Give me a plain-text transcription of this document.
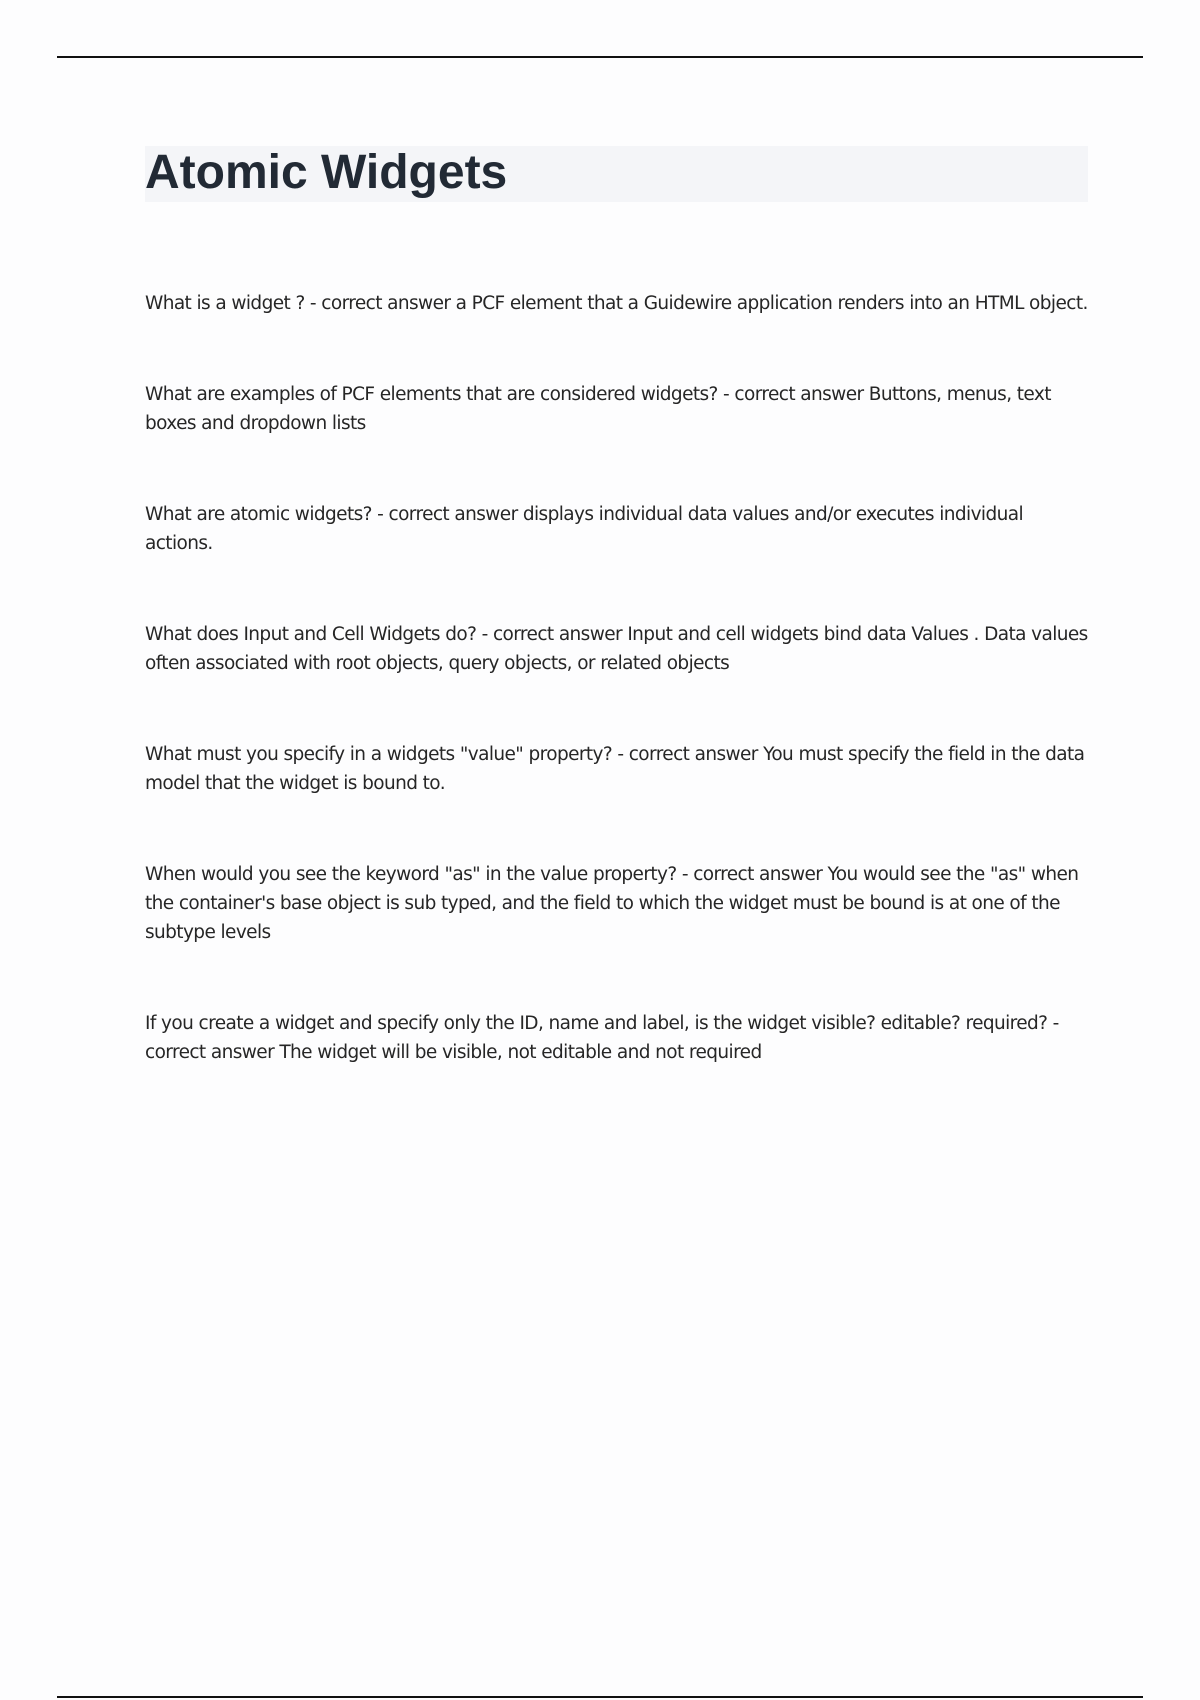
Atomic Widgets
What is a widget ? - correct answer a PCF element that a Guidewire application renders into an HTML object.
What are examples of PCF elements that are considered widgets? - correct answer Buttons, menus, text boxes and dropdown lists
What are atomic widgets? - correct answer displays individual data values and/or executes individual actions.
What does Input and Cell Widgets do? - correct answer Input and cell widgets bind data Values . Data values often associated with root objects, query objects, or related objects
What must you specify in a widgets "value" property? - correct answer You must specify the field in the data model that the widget is bound to.
When would you see the keyword "as" in the value property? - correct answer You would see the "as" when the container's base object is sub typed, and the field to which the widget must be bound is at one of the subtype levels
If you create a widget and specify only the ID, name and label, is the widget visible? editable? required? - correct answer The widget will be visible, not editable and not required
